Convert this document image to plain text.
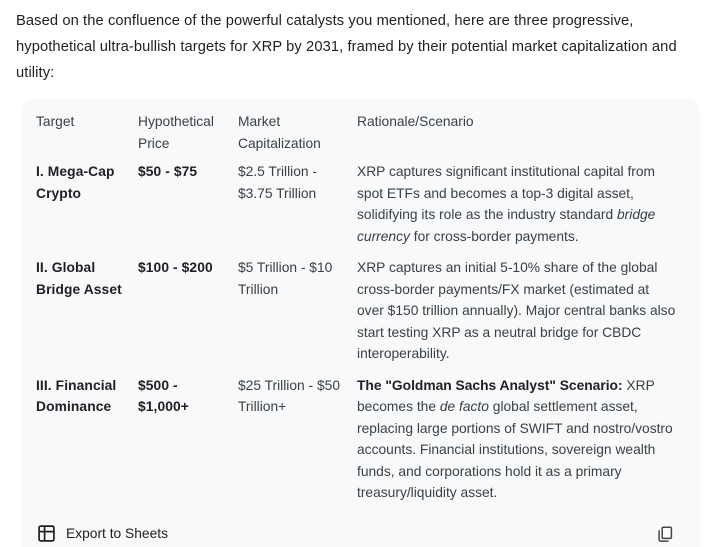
Based on the confluence of the powerful catalysts you mentioned, here are three progressive, hypothetical ultra-bullish targets for XRP by 2031, framed by their potential market capitalization and utility:

Target	Hypothetical Price	Market Capitalization	Rationale/Scenario
I. Mega-Cap Crypto	$50 - $75	$2.5 Trillion - $3.75 Trillion	XRP captures significant institutional capital from spot ETFs and becomes a top-3 digital asset, solidifying its role as the industry standard bridge currency for cross-border payments.
II. Global Bridge Asset	$100 - $200	$5 Trillion - $10 Trillion	XRP captures an initial 5-10% share of the global cross-border payments/FX market (estimated at over $150 trillion annually). Major central banks also start testing XRP as a neutral bridge for CBDC interoperability.
III. Financial Dominance	$500 - $1,000+	$25 Trillion - $50 Trillion+	The "Goldman Sachs Analyst" Scenario: XRP becomes the de facto global settlement asset, replacing large portions of SWIFT and nostro/vostro accounts. Financial institutions, sovereign wealth funds, and corporations hold it as a primary treasury/liquidity asset.
Export to Sheets
